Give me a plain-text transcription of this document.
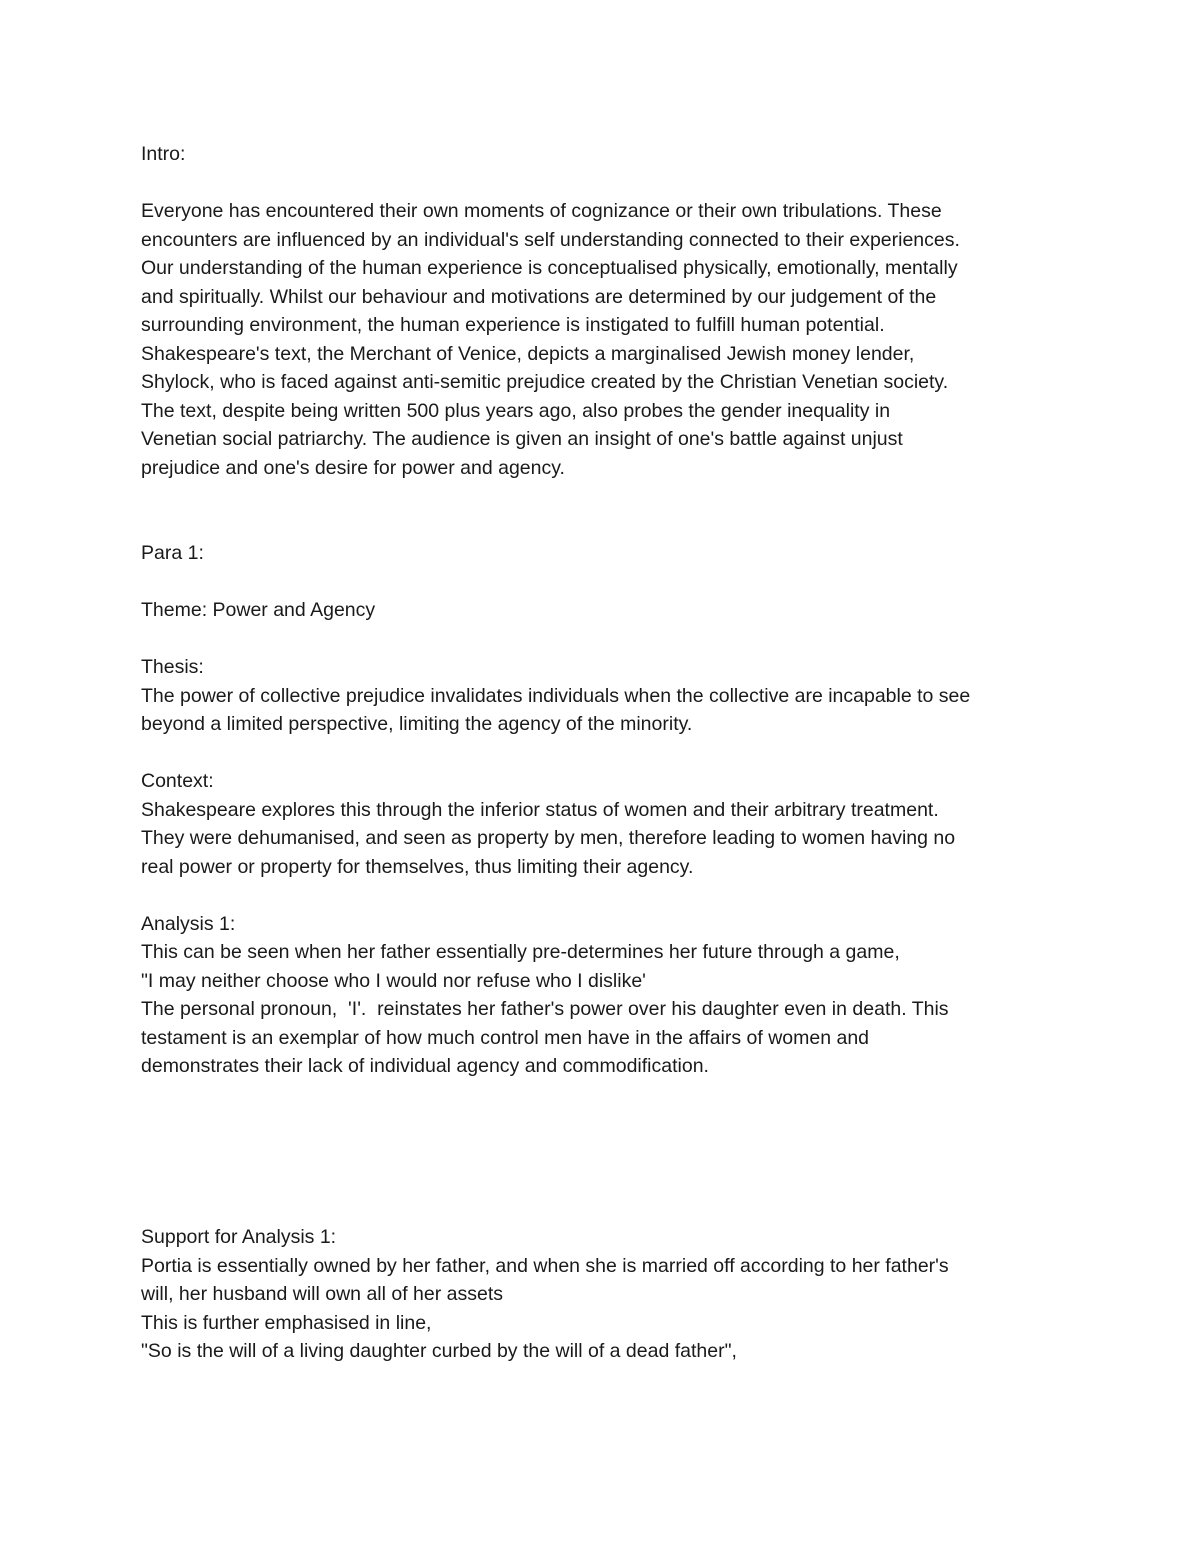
Intro:
Everyone has encountered their own moments of cognizance or their own tribulations. These
encounters are influenced by an individual's self understanding connected to their experiences.
Our understanding of the human experience is conceptualised physically, emotionally, mentally
and spiritually. Whilst our behaviour and motivations are determined by our judgement of the
surrounding environment, the human experience is instigated to fulfill human potential.
Shakespeare's text, the Merchant of Venice, depicts a marginalised Jewish money lender,
Shylock, who is faced against anti-semitic prejudice created by the Christian Venetian society.
The text, despite being written 500 plus years ago, also probes the gender inequality in
Venetian social patriarchy. The audience is given an insight of one's battle against unjust
prejudice and one's desire for power and agency.
Para 1:
Theme: Power and Agency
Thesis:
The power of collective prejudice invalidates individuals when the collective are incapable to see
beyond a limited perspective, limiting the agency of the minority.
Context:
Shakespeare explores this through the inferior status of women and their arbitrary treatment.
They were dehumanised, and seen as property by men, therefore leading to women having no
real power or property for themselves, thus limiting their agency.
Analysis 1:
This can be seen when her father essentially pre-determines her future through a game,
"I may neither choose who I would nor refuse who I dislike'
The personal pronoun,  'I'.  reinstates her father's power over his daughter even in death. This
testament is an exemplar of how much control men have in the affairs of women and
demonstrates their lack of individual agency and commodification.
Support for Analysis 1:
Portia is essentially owned by her father, and when she is married off according to her father's
will, her husband will own all of her assets
This is further emphasised in line,
"So is the will of a living daughter curbed by the will of a dead father",
